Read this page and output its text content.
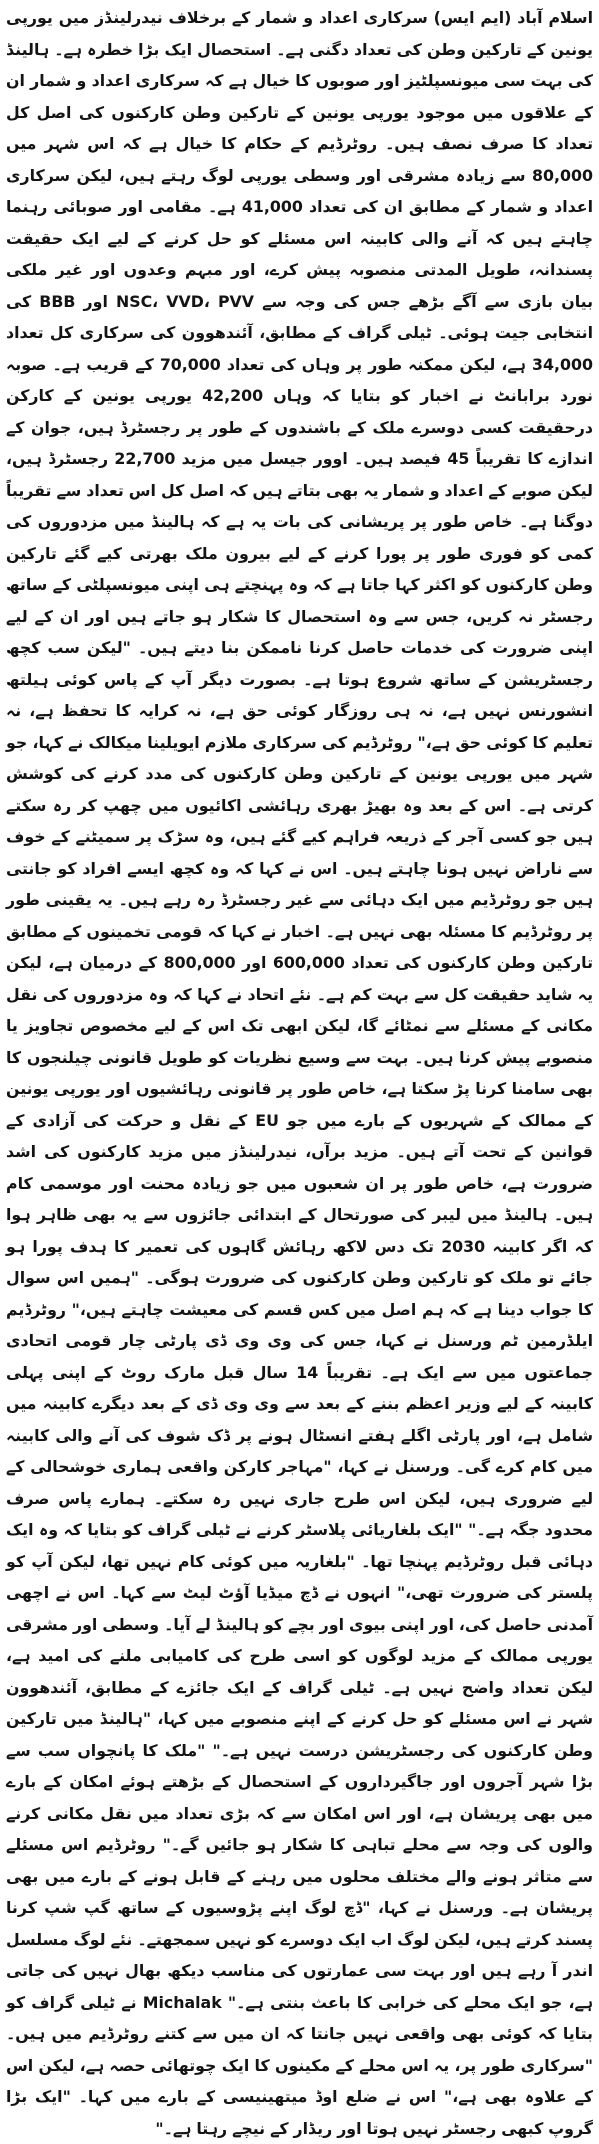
اسلام آباد (ایم ایس) سرکاری اعداد و شمار کے برخلاف نیدرلینڈز میں یورپی یونین کے تارکین وطن کی تعداد دگنی ہے۔ استحصال ایک بڑا خطرہ ہے۔ ہالینڈ کی بہت سی میونسپلٹیز اور صوبوں کا خیال ہے کہ سرکاری اعداد و شمار ان کے علاقوں میں موجود یورپی یونین کے تارکین وطن کارکنوں کی اصل کل تعداد کا صرف نصف ہیں۔ روٹرڈیم کے حکام کا خیال ہے کہ اس شہر میں 80,000 سے زیادہ مشرقی اور وسطی یورپی لوگ رہتے ہیں، لیکن سرکاری اعداد و شمار کے مطابق ان کی تعداد 41,000 ہے۔ مقامی اور صوبائی رہنما چاہتے ہیں کہ آنے والی کابینہ اس مسئلے کو حل کرنے کے لیے ایک حقیقت پسندانہ، طویل المدتی منصوبہ پیش کرے، اور مبہم وعدوں اور غیر ملکی بیان بازی سے آگے بڑھے جس کی وجہ سے NSC، VVD، PVV اور BBB کی انتخابی جیت ہوئی۔ ٹیلی گراف کے مطابق، آئندھوون کی سرکاری کل تعداد 34,000 ہے، لیکن ممکنہ طور پر وہاں کی تعداد 70,000 کے قریب ہے۔ صوبہ نورد برابانٹ نے اخبار کو بتایا کہ وہاں 42,200 یورپی یونین کے کارکن درحقیقت کسی دوسرے ملک کے باشندوں کے طور پر رجسٹرڈ ہیں، جوان کے اندازے کا تقریباً 45 فیصد ہیں۔ اوور جیسل میں مزید 22,700 رجسٹرڈ ہیں، لیکن صوبے کے اعداد و شمار یہ بھی بتاتے ہیں کہ اصل کل اس تعداد سے تقریباً دوگنا ہے۔ خاص طور پر پریشانی کی بات یہ ہے کہ ہالینڈ میں مزدوروں کی کمی کو فوری طور پر پورا کرنے کے لیے بیرون ملک بھرتی کیے گئے تارکین وطن کارکنوں کو اکثر کہا جاتا ہے کہ وہ پہنچتے ہی اپنی میونسپلٹی کے ساتھ رجسٹر نہ کریں، جس سے وہ استحصال کا شکار ہو جاتے ہیں اور ان کے لیے اپنی ضرورت کی خدمات حاصل کرنا ناممکن بنا دیتے ہیں۔ "لیکن سب کچھ رجسٹریشن کے ساتھ شروع ہوتا ہے۔ بصورت دیگر آپ کے پاس کوئی ہیلتھ انشورنس نہیں ہے، نہ ہی روزگار کوئی حق ہے، نہ کرایہ کا تحفظ ہے، نہ تعلیم کا کوئی حق ہے،" روٹرڈیم کی سرکاری ملازم ایویلینا میکالک نے کہا، جو شہر میں یورپی یونین کے تارکین وطن کارکنوں کی مدد کرنے کی کوشش کرتی ہے۔ اس کے بعد وہ بھیڑ بھری رہائشی اکائیوں میں چھپ کر رہ سکتے ہیں جو کسی آجر کے ذریعہ فراہم کیے گئے ہیں، وہ سڑک پر سمیٹنے کے خوف سے ناراض نہیں ہونا چاہتے ہیں۔ اس نے کہا کہ وہ کچھ ایسے افراد کو جانتی ہیں جو روٹرڈیم میں ایک دہائی سے غیر رجسٹرڈ رہ رہے ہیں۔ یہ یقینی طور پر روٹرڈیم کا مسئلہ بھی نہیں ہے۔ اخبار نے کہا کہ قومی تخمینوں کے مطابق تارکین وطن کارکنوں کی تعداد 600,000 اور 800,000 کے درمیان ہے، لیکن یہ شاید حقیقت کل سے بہت کم ہے۔ نئے اتحاد نے کہا کہ وہ مزدوروں کی نقل مکانی کے مسئلے سے نمٹائے گا، لیکن ابھی تک اس کے لیے مخصوص تجاویز یا منصوبے پیش کرنا ہیں۔ بہت سے وسیع نظریات کو طویل قانونی چیلنجوں کا بھی سامنا کرنا پڑ سکتا ہے، خاص طور پر قانونی رہائشیوں اور یورپی یونین کے ممالک کے شہریوں کے بارے میں جو EU کے نقل و حرکت کی آزادی کے قوانین کے تحت آتے ہیں۔ مزید برآں، نیدرلینڈز میں مزید کارکنوں کی اشد ضرورت ہے، خاص طور پر ان شعبوں میں جو زیادہ محنت اور موسمی کام ہیں۔ ہالینڈ میں لیبر کی صورتحال کے ابتدائی جائزوں سے یہ بھی ظاہر ہوا کہ اگر کابینہ 2030 تک دس لاکھ رہائش گاہوں کی تعمیر کا ہدف پورا ہو جائے تو ملک کو تارکین وطن کارکنوں کی ضرورت ہوگی۔ "ہمیں اس سوال کا جواب دینا ہے کہ ہم اصل میں کس قسم کی معیشت چاہتے ہیں،" روٹرڈیم ایلڈرمین ٹم ورسنل نے کہا، جس کی وی وی ڈی پارٹی چار قومی اتحادی جماعتوں میں سے ایک ہے۔ تقریباً 14 سال قبل مارک روٹ کے اپنی پہلی کابینہ کے لیے وزیر اعظم بننے کے بعد سے وی وی ڈی کے بعد دیگرے کابینہ میں شامل ہے، اور پارٹی اگلے ہفتے انسٹال ہونے پر ڈک شوف کی آنے والی کابینہ میں کام کرے گی۔ ورسنل نے کہا، "مہاجر کارکن واقعی ہماری خوشحالی کے لیے ضروری ہیں، لیکن اس طرح جاری نہیں رہ سکتے۔ ہمارے پاس صرف محدود جگہ ہے۔" "ایک بلغاریائی پلاسٹر کرنے نے ٹیلی گراف کو بتایا کہ وہ ایک دہائی قبل روٹرڈیم پہنچا تھا۔ "بلغاریہ میں کوئی کام نہیں تھا، لیکن آپ کو پلستر کی ضرورت تھی،" انہوں نے ڈچ میڈیا آؤٹ لیٹ سے کہا۔ اس نے اچھی آمدنی حاصل کی، اور اپنی بیوی اور بچے کو ہالینڈ لے آیا۔ وسطی اور مشرقی یورپی ممالک کے مزید لوگوں کو اسی طرح کی کامیابی ملنے کی امید ہے، لیکن تعداد واضح نہیں ہے۔ ٹیلی گراف کے ایک جائزے کے مطابق، آئندھوون شہر نے اس مسئلے کو حل کرنے کے اپنے منصوبے میں کہا، "ہالینڈ میں تارکین وطن کارکنوں کی رجسٹریشن درست نہیں ہے۔" "ملک کا پانچواں سب سے بڑا شہر آجروں اور جاگیرداروں کے استحصال کے بڑھتے ہوئے امکان کے بارے میں بھی پریشان ہے، اور اس امکان سے کہ بڑی تعداد میں نقل مکانی کرنے والوں کی وجہ سے محلے تباہی کا شکار ہو جائیں گے۔" روٹرڈیم اس مسئلے سے متاثر ہونے والے مختلف محلوں میں رہنے کے قابل ہونے کے بارے میں بھی پریشان ہے۔ ورسنل نے کہا، "ڈچ لوگ اپنے پڑوسیوں کے ساتھ گپ شپ کرنا پسند کرتے ہیں، لیکن لوگ اب ایک دوسرے کو نہیں سمجھتے۔ نئے لوگ مسلسل اندر آ رہے ہیں اور بہت سی عمارتوں کی مناسب دیکھ بھال نہیں کی جاتی ہے، جو ایک محلے کی خرابی کا باعث بنتی ہے۔" Michalak نے ٹیلی گراف کو بتایا کہ کوئی بھی واقعی نہیں جانتا کہ ان میں سے کتنے روٹرڈیم میں ہیں۔ "سرکاری طور پر، یہ اس محلے کے مکینوں کا ایک چوتھائی حصہ ہے، لیکن اس کے علاوہ بھی ہے،" اس نے ضلع اوڈ میتھینیسی کے بارے میں کہا۔ "ایک بڑا گروپ کبھی رجسٹر نہیں ہوتا اور ریڈار کے نیچے رہتا ہے۔"
